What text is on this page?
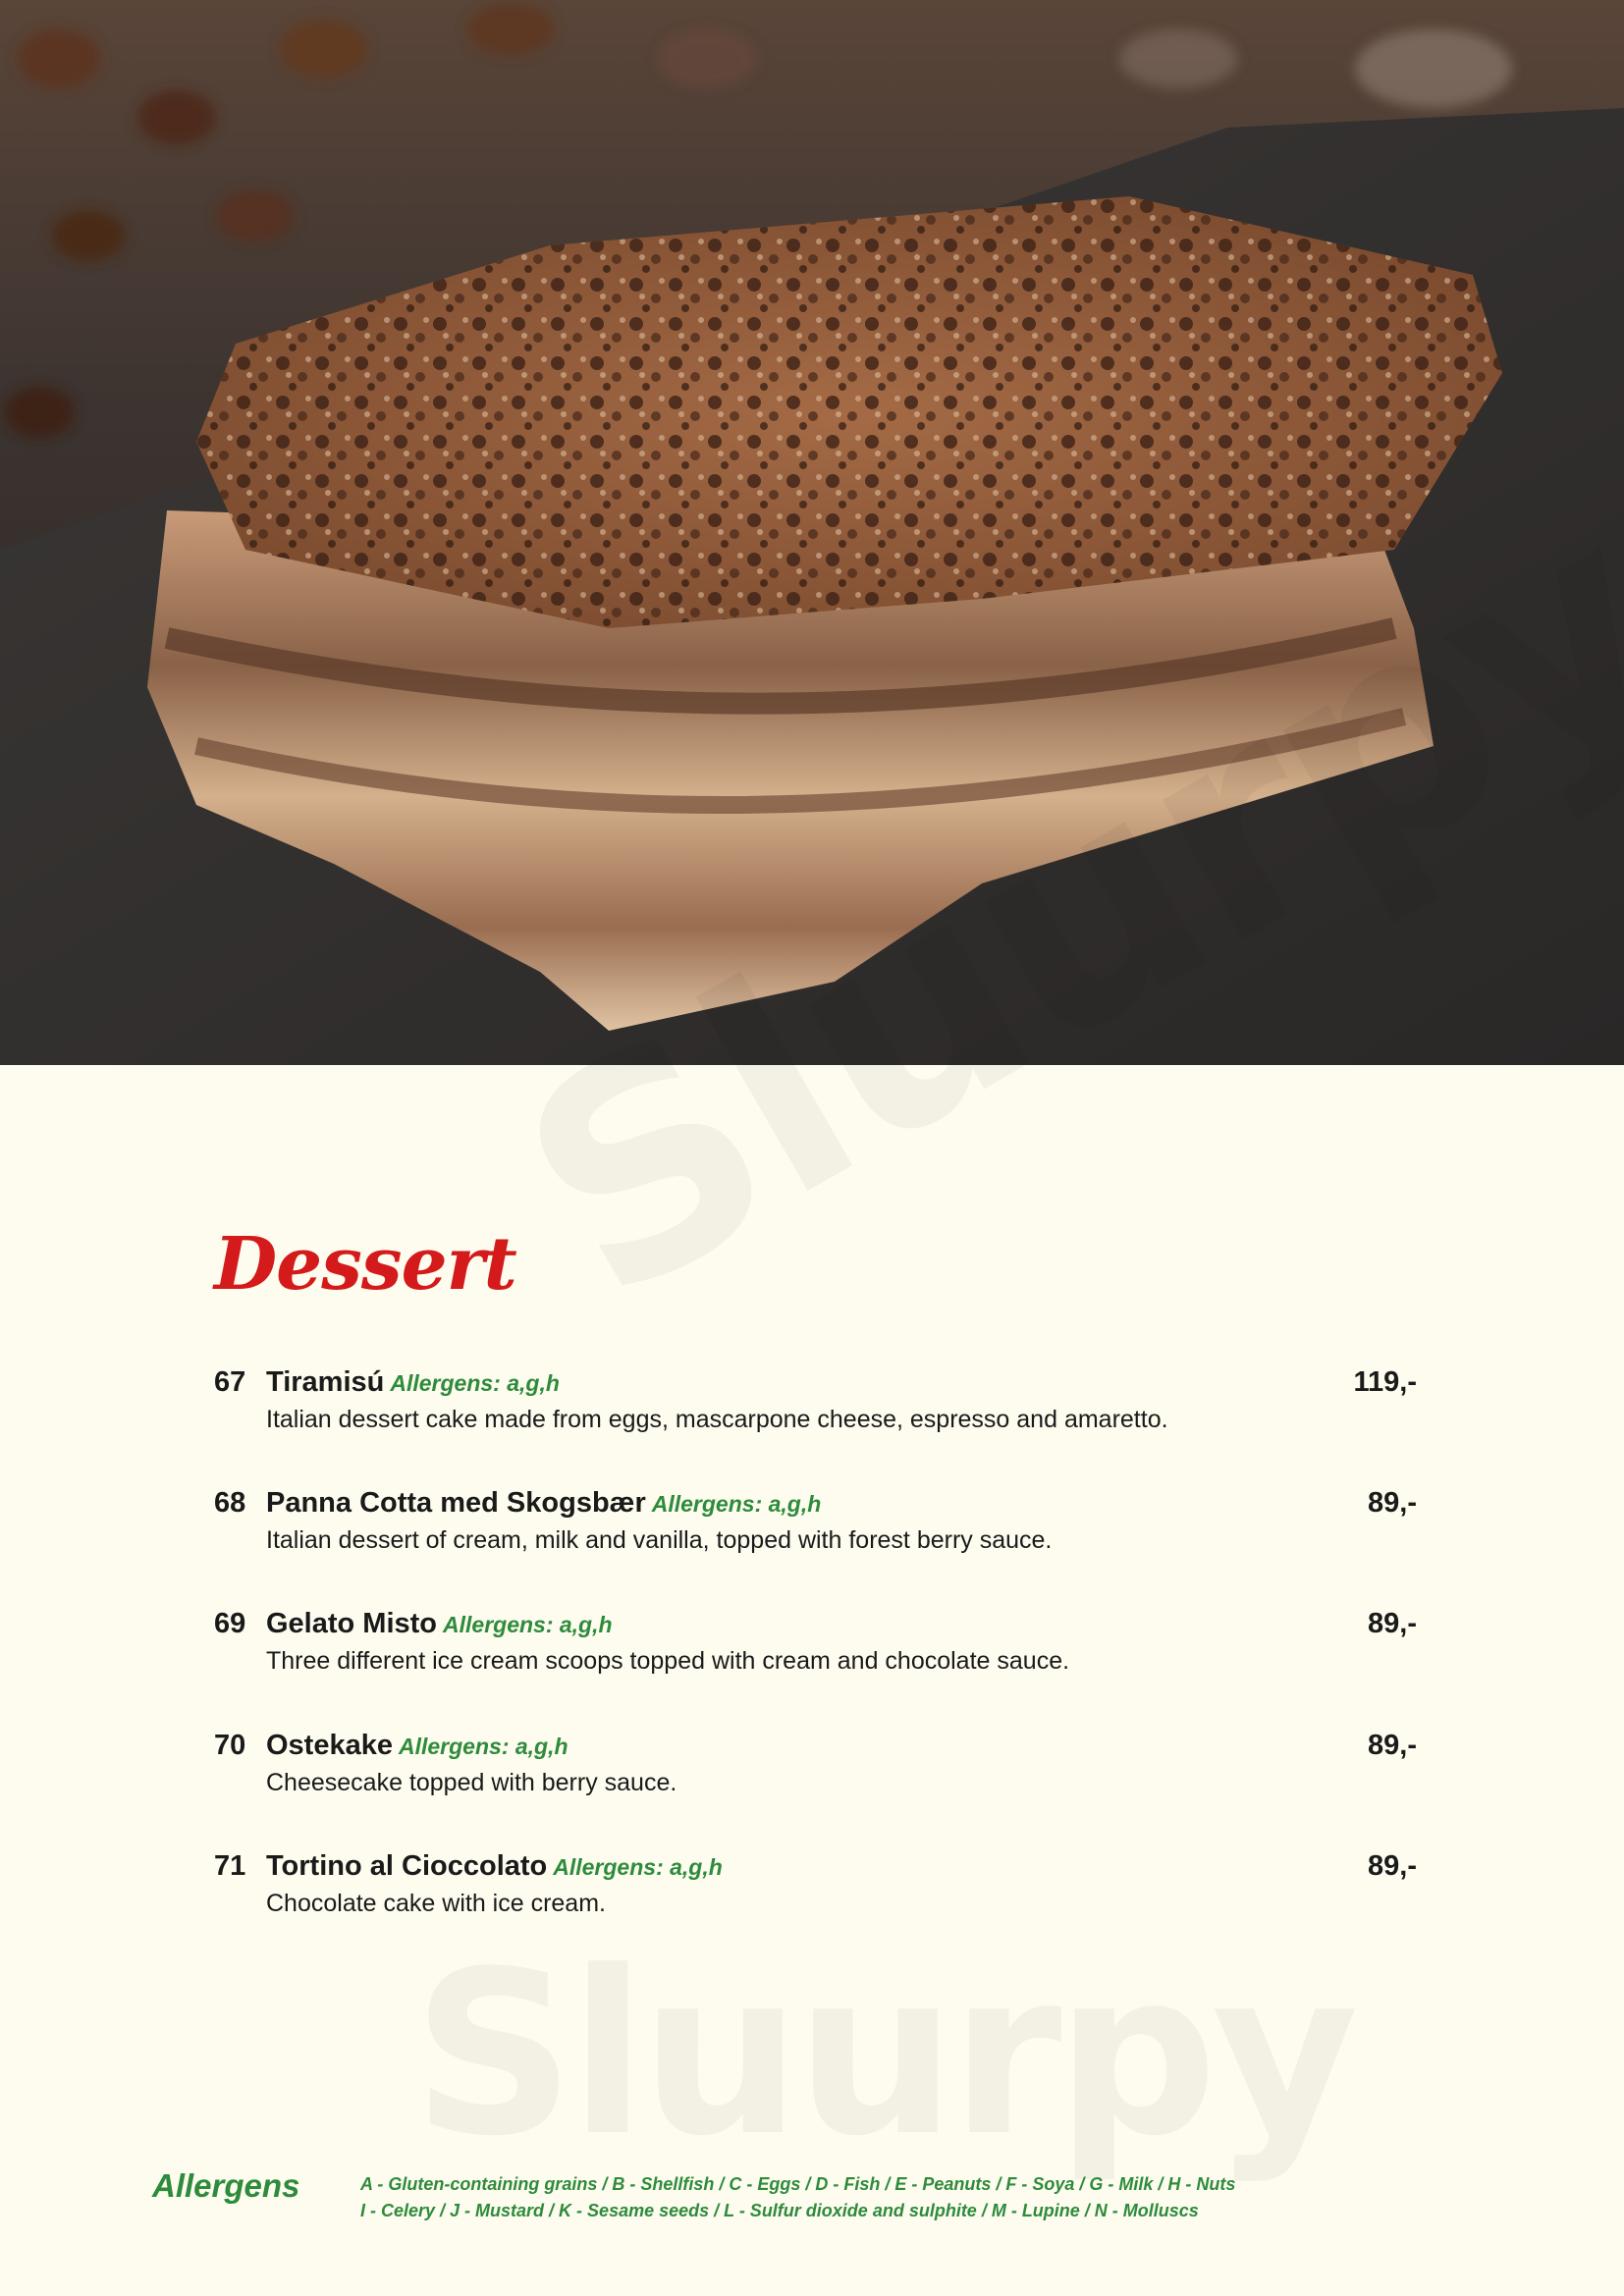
Dessert
67 Tiramisú Allergens: a,g,h
Italian dessert cake made from eggs, mascarpone cheese, espresso and amaretto.
119,-
68 Panna Cotta med Skogsbær Allergens: a,g,h
Italian dessert of cream, milk and vanilla, topped with forest berry sauce.
89,-
69 Gelato Misto Allergens: a,g,h
Three different ice cream scoops topped with cream and chocolate sauce.
89,-
70 Ostekake Allergens: a,g,h
Cheesecake topped with berry sauce.
89,-
71 Tortino al Cioccolato Allergens: a,g,h
Chocolate cake with ice cream.
89,-
Allergens	A - Gluten-containing grains / B - Shellfish / C - Eggs / D - Fish / E - Peanuts / F - Soya / G - Milk / H - Nuts
I - Celery / J - Mustard / K - Sesame seeds / L - Sulfur dioxide and sulphite / M - Lupine / N - Molluscs
